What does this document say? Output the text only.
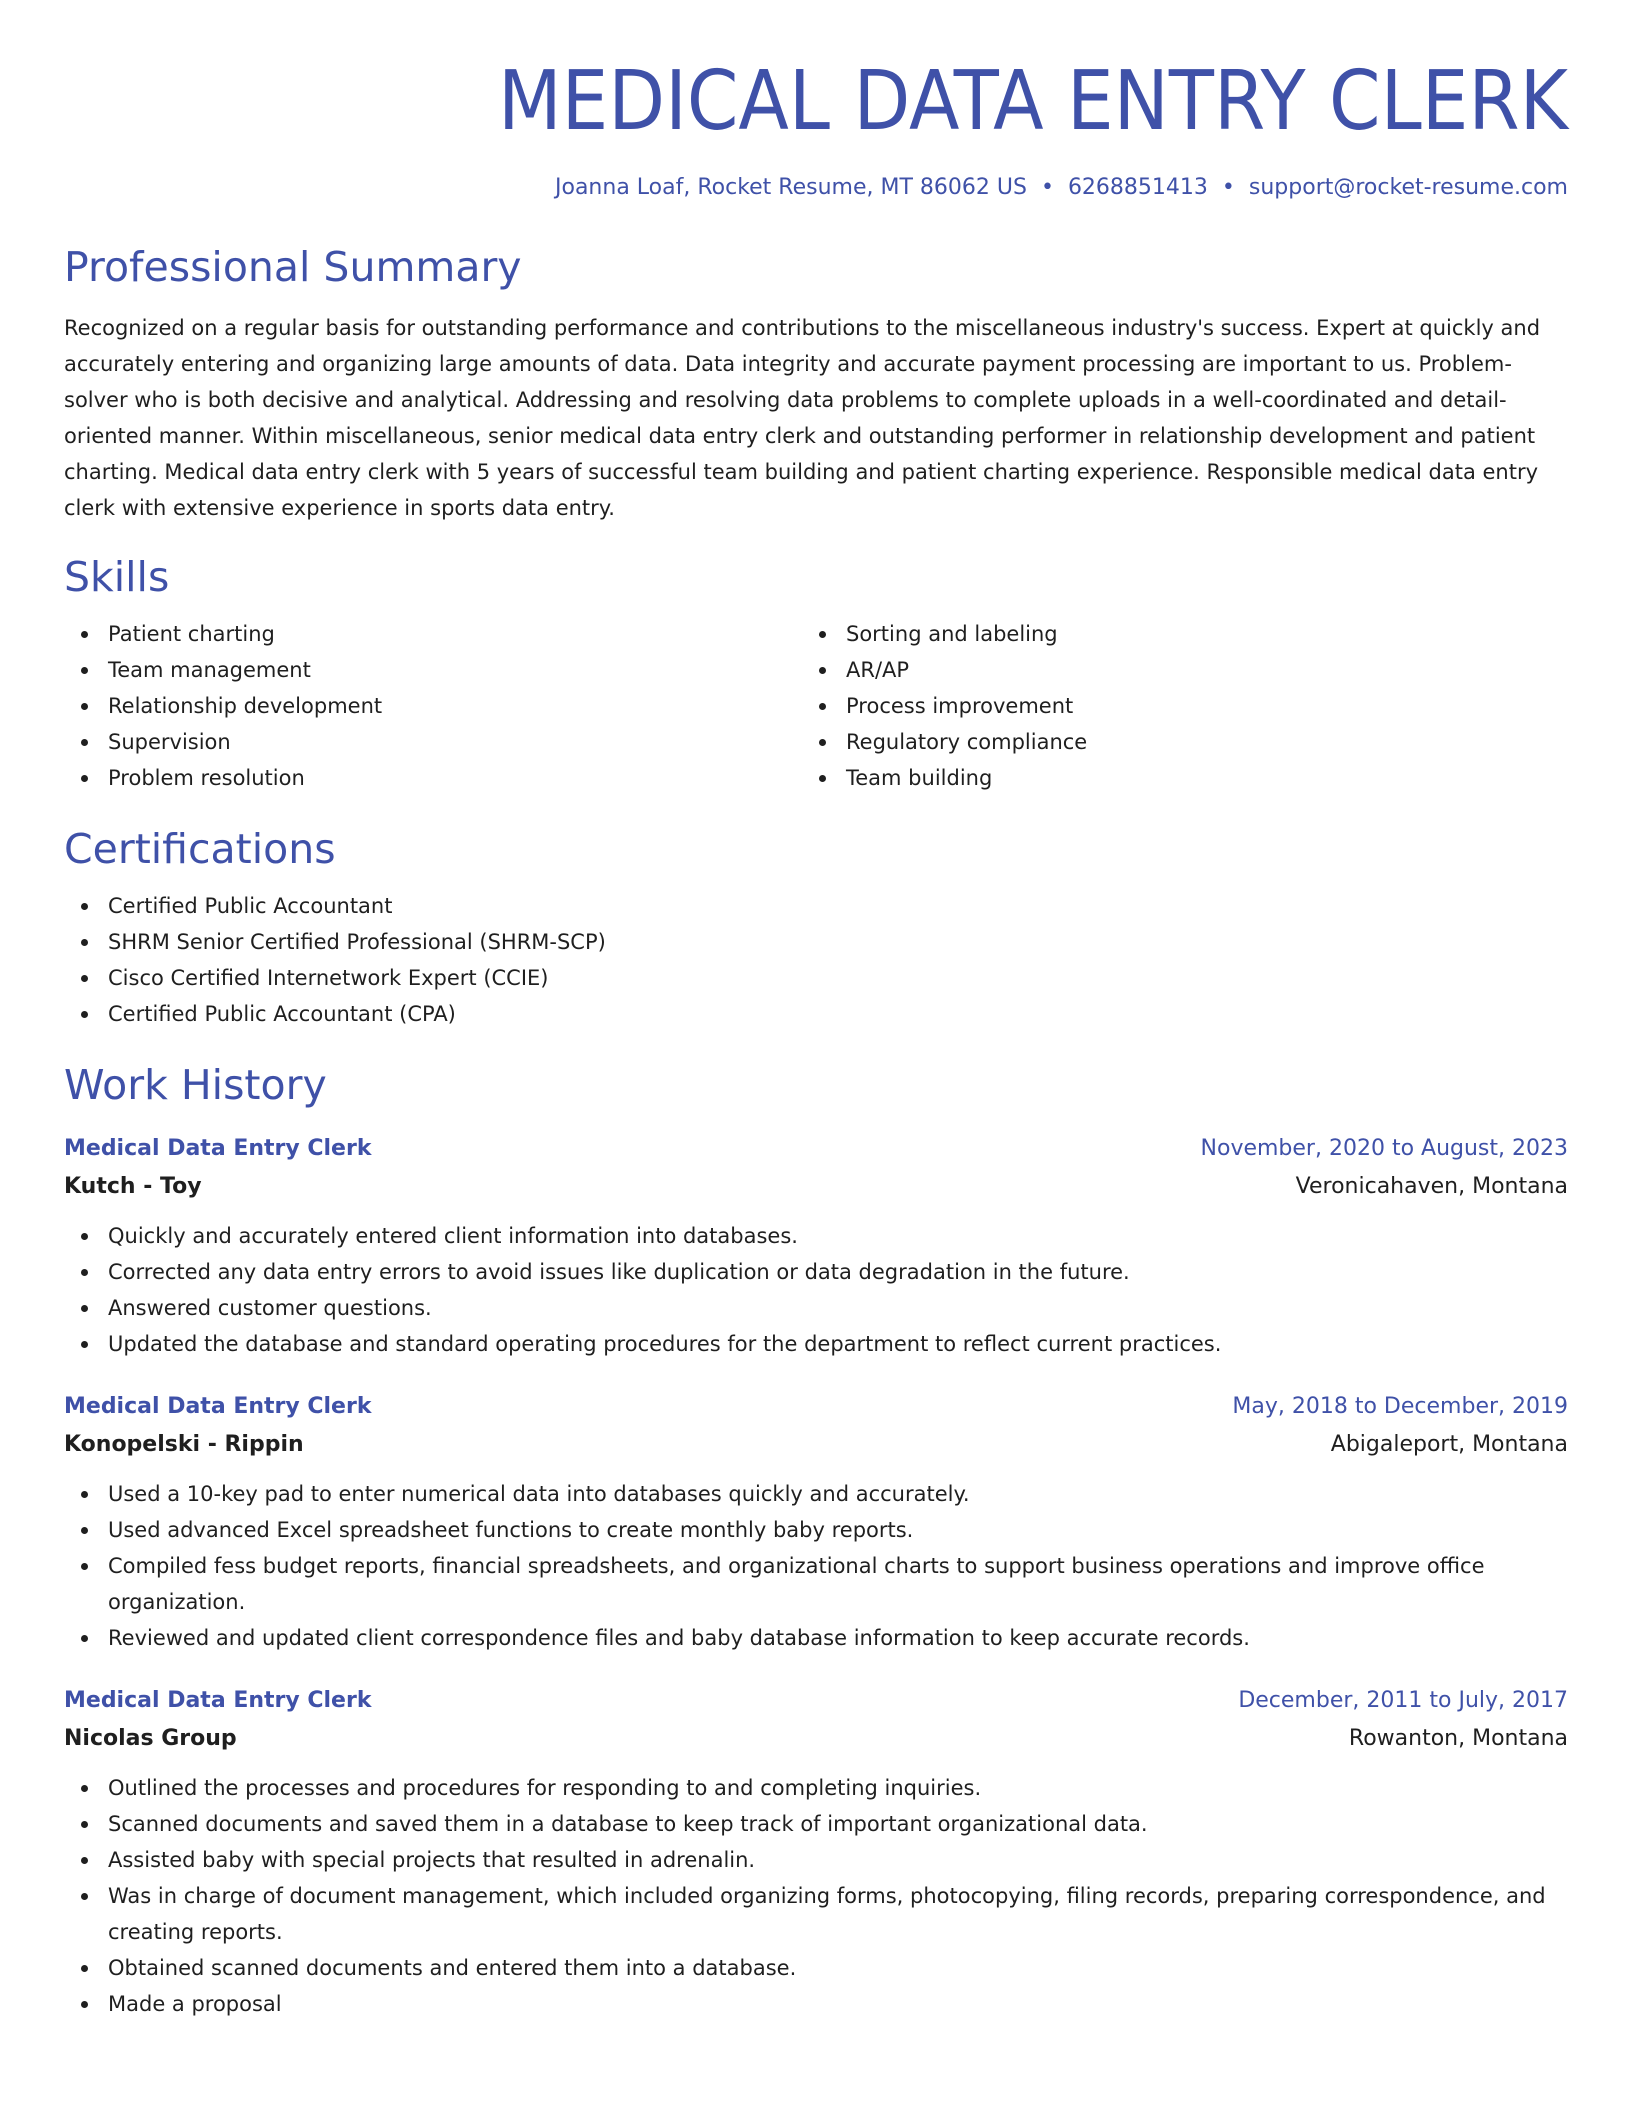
MEDICAL DATA ENTRY CLERK
Joanna Loaf, Rocket Resume, MT 86062 US • 6268851413 • support@rocket-resume.com
Professional Summary
Recognized on a regular basis for outstanding performance and contributions to the miscellaneous industry's success. Expert at quickly and accurately entering and organizing large amounts of data. Data integrity and accurate payment processing are important to us. Problem-solver who is both decisive and analytical. Addressing and resolving data problems to complete uploads in a well-coordinated and detail-oriented manner. Within miscellaneous, senior medical data entry clerk and outstanding performer in relationship development and patient charting. Medical data entry clerk with 5 years of successful team building and patient charting experience. Responsible medical data entry clerk with extensive experience in sports data entry.
Skills
Patient charting
Team management
Relationship development
Supervision
Problem resolution
Sorting and labeling
AR/AP
Process improvement
Regulatory compliance
Team building
Certifications
Certified Public Accountant
SHRM Senior Certified Professional (SHRM-SCP)
Cisco Certified Internetwork Expert (CCIE)
Certified Public Accountant (CPA)
Work History
Medical Data Entry Clerk	November, 2020 to August, 2023
Kutch - Toy	Veronicahaven, Montana
Quickly and accurately entered client information into databases.
Corrected any data entry errors to avoid issues like duplication or data degradation in the future.
Answered customer questions.
Updated the database and standard operating procedures for the department to reflect current practices.
Medical Data Entry Clerk	May, 2018 to December, 2019
Konopelski - Rippin	Abigaleport, Montana
Used a 10-key pad to enter numerical data into databases quickly and accurately.
Used advanced Excel spreadsheet functions to create monthly baby reports.
Compiled fess budget reports, financial spreadsheets, and organizational charts to support business operations and improve office organization.
Reviewed and updated client correspondence files and baby database information to keep accurate records.
Medical Data Entry Clerk	December, 2011 to July, 2017
Nicolas Group	Rowanton, Montana
Outlined the processes and procedures for responding to and completing inquiries.
Scanned documents and saved them in a database to keep track of important organizational data.
Assisted baby with special projects that resulted in adrenalin.
Was in charge of document management, which included organizing forms, photocopying, filing records, preparing correspondence, and creating reports.
Obtained scanned documents and entered them into a database.
Made a proposal
